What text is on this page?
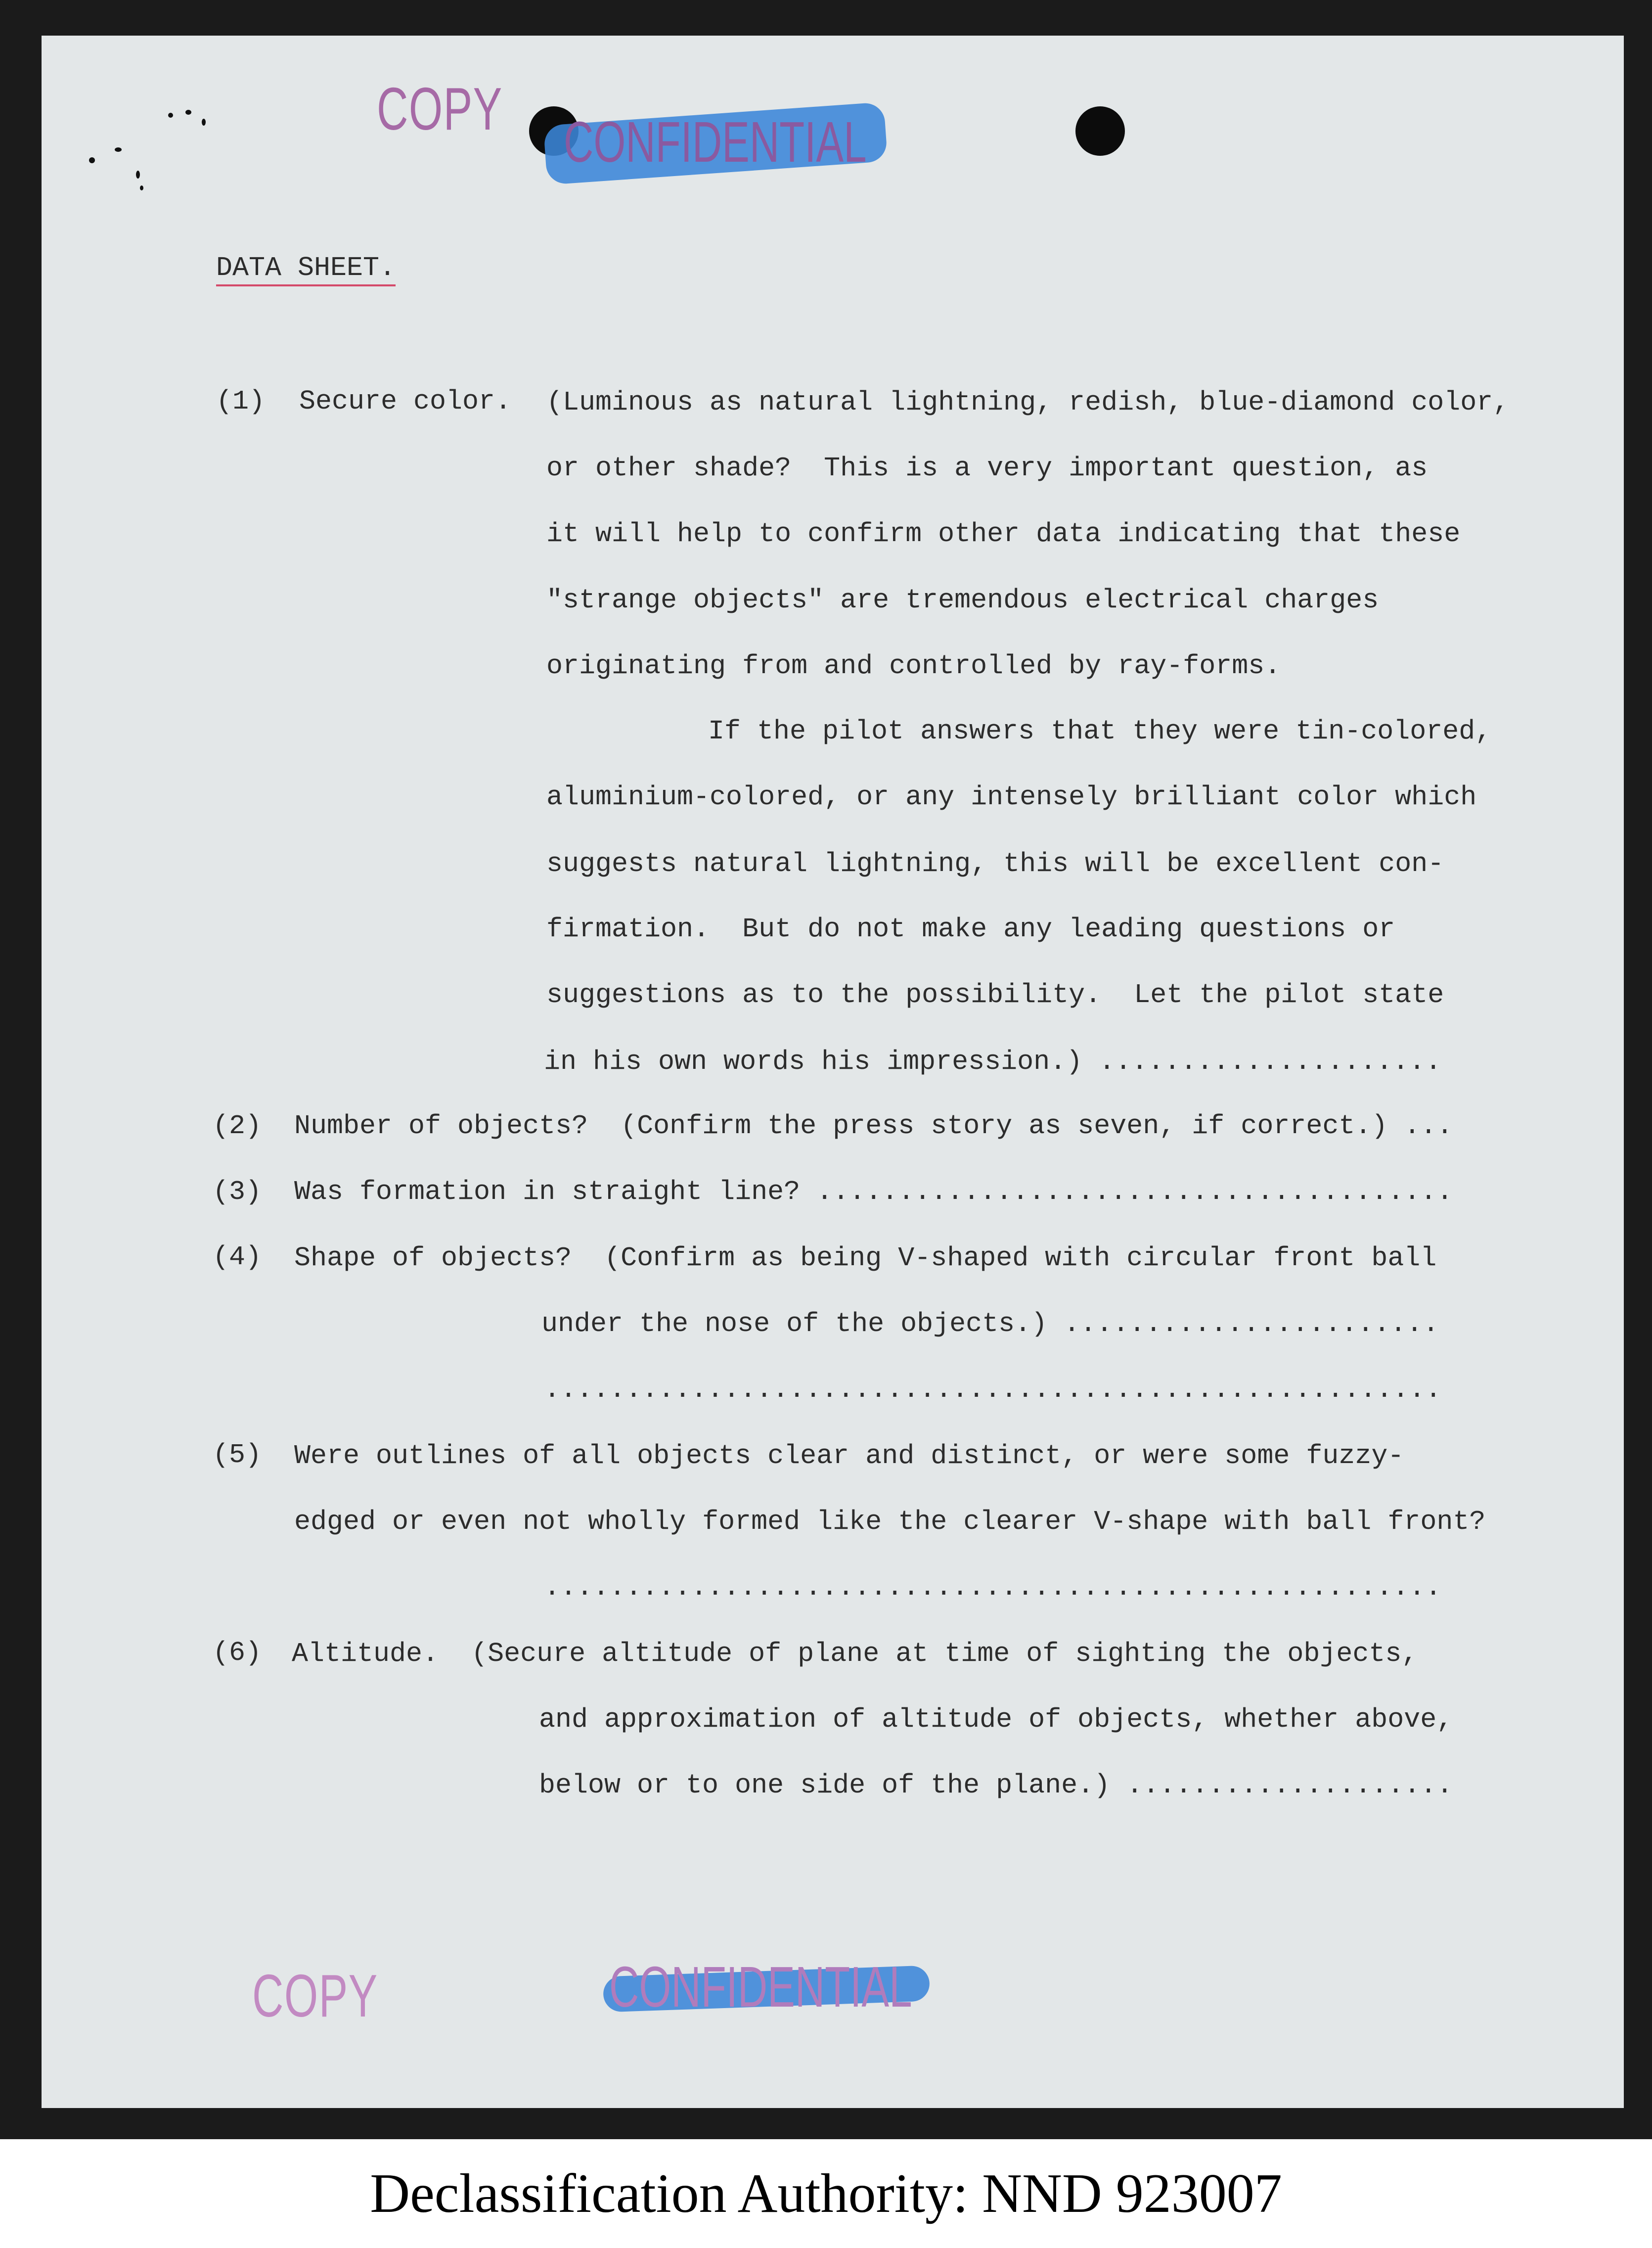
COPY CONFIDENTIAL
DATA SHEET.
(1) Secure color. (Luminous as natural lightning, redish, blue-diamond color,
or other shade?  This is a very important question, as
it will help to confirm other data indicating that these
"strange objects" are tremendous electrical charges
originating from and controlled by ray-forms.
If the pilot answers that they were tin-colored,
aluminium-colored, or any intensely brilliant color which
suggests natural lightning, this will be excellent con-
firmation.  But do not make any leading questions or
suggestions as to the possibility.  Let the pilot state
in his own words his impression.) .....................
(2) Number of objects?  (Confirm the press story as seven, if correct.) ...
(3) Was formation in straight line? .......................................
(4) Shape of objects?  (Confirm as being V-shaped with circular front ball
under the nose of the objects.) .......................
.......................................................
(5) Were outlines of all objects clear and distinct, or were some fuzzy-
edged or even not wholly formed like the clearer V-shape with ball front?
.......................................................
(6) Altitude.  (Secure altitude of plane at time of sighting the objects,
and approximation of altitude of objects, whether above,
below or to one side of the plane.) ....................
COPY	CONFIDENTIAL
Declassification Authority: NND 923007
